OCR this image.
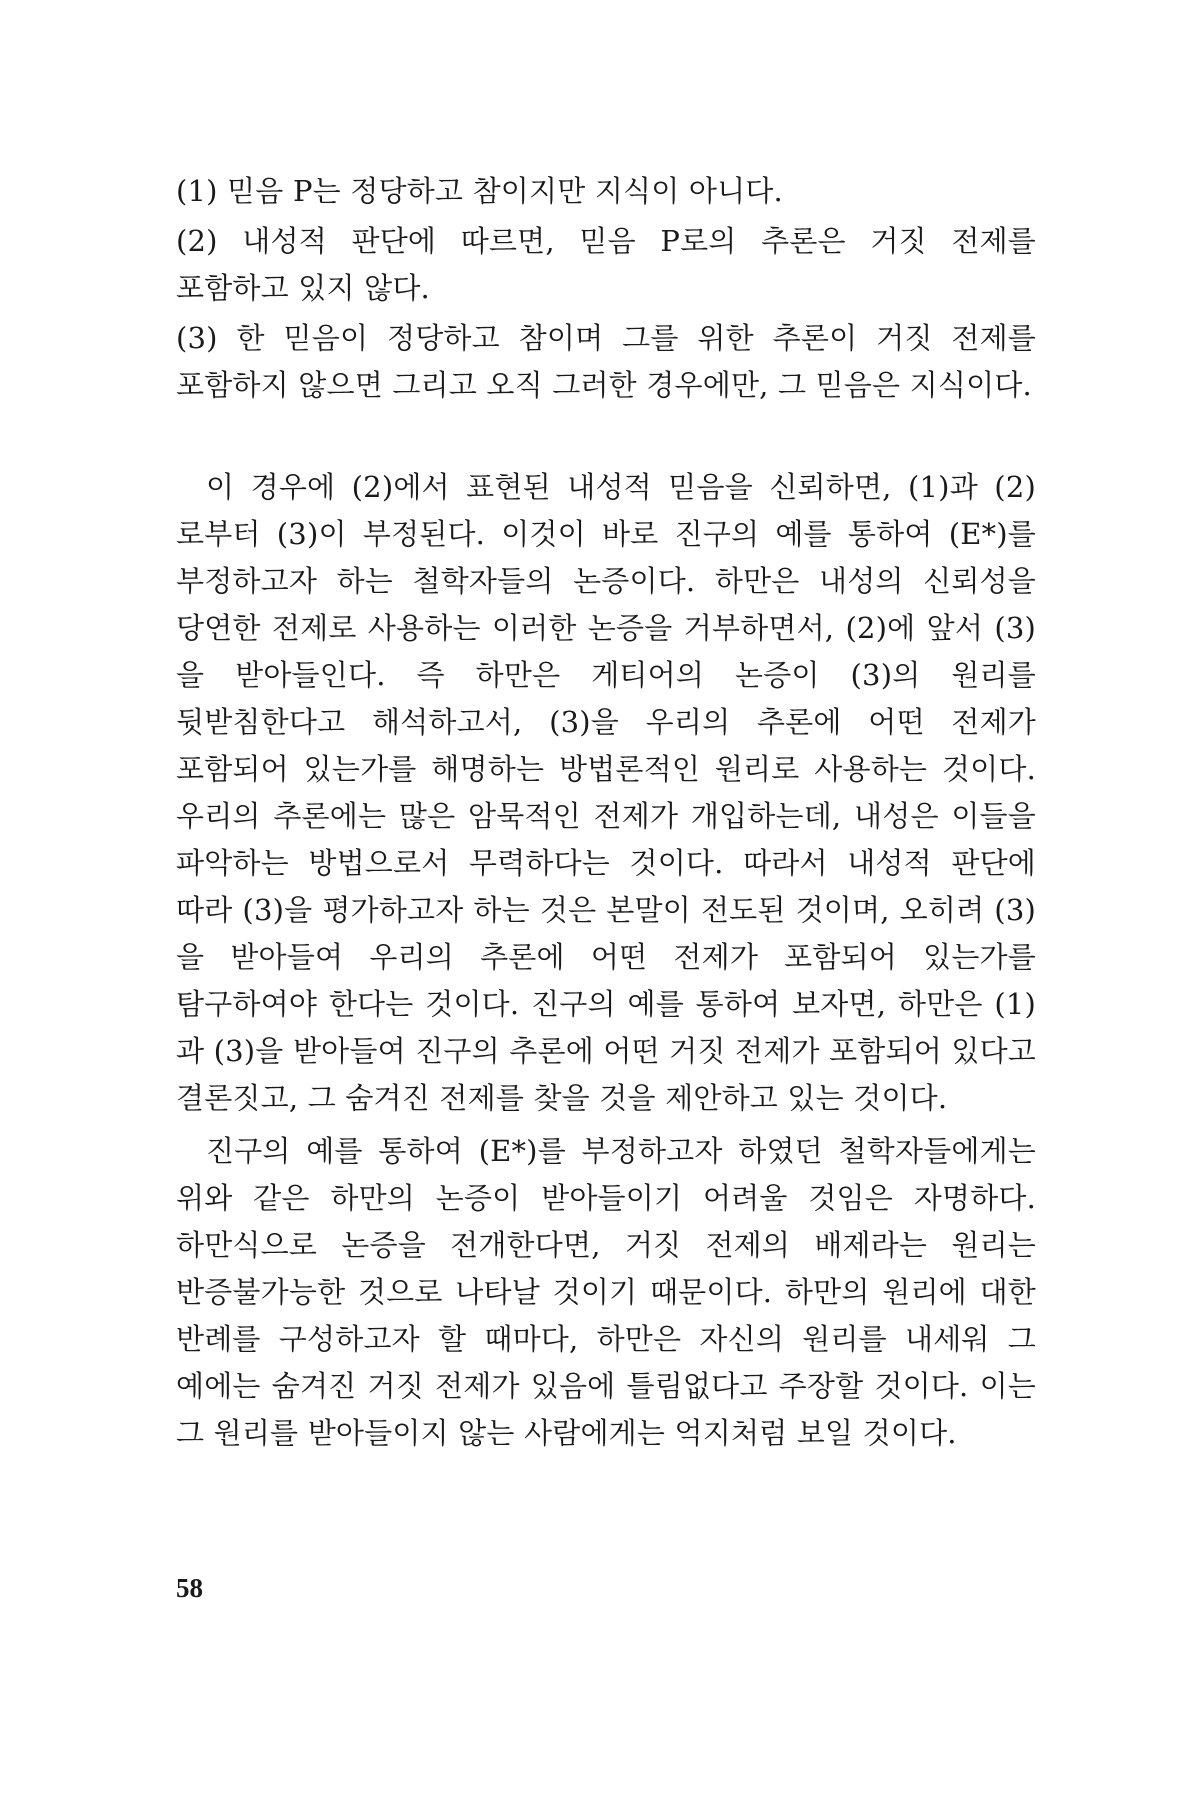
(1) 믿음 P는 정당하고 참이지만 지식이 아니다.

(2) 내성적 판단에 따르면, 믿음 P로의 추론은 거짓 전제를 포함하고 있지 않다.

(3) 한 믿음이 정당하고 참이며 그를 위한 추론이 거짓 전제를 포함하지 않으면 그리고 오직 그러한 경우에만, 그 믿음은 지식이다.

이 경우에 (2)에서 표현된 내성적 믿음을 신뢰하면, (1)과 (2)로부터 (3)이 부정된다. 이것이 바로 진구의 예를 통하여 (E*)를 부정하고자 하는 철학자들의 논증이다. 하만은 내성의 신뢰성을 당연한 전제로 사용하는 이러한 논증을 거부하면서, (2)에 앞서 (3)을 받아들인다. 즉 하만은 게티어의 논증이 (3)의 원리를 뒷받침한다고 해석하고서, (3)을 우리의 추론에 어떤 전제가 포함되어 있는가를 해명하는 방법론적인 원리로 사용하는 것이다. 우리의 추론에는 많은 암묵적인 전제가 개입하는데, 내성은 이들을 파악하는 방법으로서 무력하다는 것이다. 따라서 내성적 판단에 따라 (3)을 평가하고자 하는 것은 본말이 전도된 것이며, 오히려 (3)을 받아들여 우리의 추론에 어떤 전제가 포함되어 있는가를 탐구하여야 한다는 것이다. 진구의 예를 통하여 보자면, 하만은 (1)과 (3)을 받아들여 진구의 추론에 어떤 거짓 전제가 포함되어 있다고 결론짓고, 그 숨겨진 전제를 찾을 것을 제안하고 있는 것이다.

진구의 예를 통하여 (E*)를 부정하고자 하였던 철학자들에게는 위와 같은 하만의 논증이 받아들이기 어려울 것임은 자명하다. 하만식으로 논증을 전개한다면, 거짓 전제의 배제라는 원리는 반증불가능한 것으로 나타날 것이기 때문이다. 하만의 원리에 대한 반례를 구성하고자 할 때마다, 하만은 자신의 원리를 내세워 그 예에는 숨겨진 거짓 전제가 있음에 틀림없다고 주장할 것이다. 이는 그 원리를 받아들이지 않는 사람에게는 억지처럼 보일 것이다.

58
